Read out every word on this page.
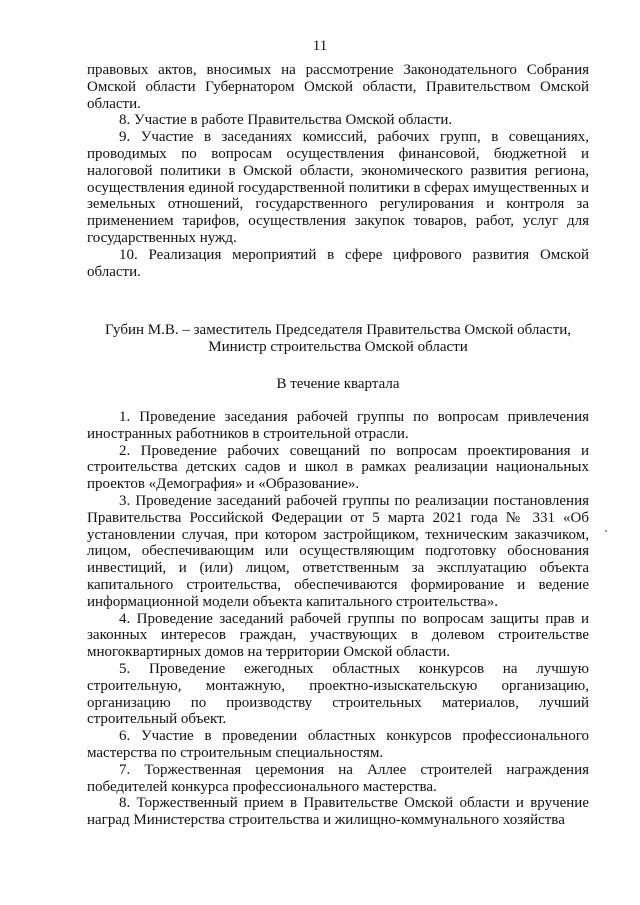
11

правовых актов, вносимых на рассмотрение Законодательного Собрания Омской области Губернатором Омской области, Правительством Омской области.

8. Участие в работе Правительства Омской области.

9. Участие в заседаниях комиссий, рабочих групп, в совещаниях, проводимых по вопросам осуществления финансовой, бюджетной и налоговой политики в Омской области, экономического развития региона, осуществления единой государственной политики в сферах имущественных и земельных отношений, государственного регулирования и контроля за применением тарифов, осуществления закупок товаров, работ, услуг для государственных нужд.

10. Реализация мероприятий в сфере цифрового развития Омской области.

Губин М.В. – заместитель Председателя Правительства Омской области,

Министр строительства Омской области

В течение квартала

1. Проведение заседания рабочей группы по вопросам привлечения иностранных работников в строительной отрасли.

2. Проведение рабочих совещаний по вопросам проектирования и строительства детских садов и школ в рамках реализации национальных проектов «Демография» и «Образование».

3. Проведение заседаний рабочей группы по реализации постановления Правительства Российской Федерации от 5 марта 2021 года № 331 «Об установлении случая, при котором застройщиком, техническим заказчиком, лицом, обеспечивающим или осуществляющим подготовку обоснования инвестиций, и (или) лицом, ответственным за эксплуатацию объекта капитального строительства, обеспечиваются формирование и ведение информационной модели объекта капитального строительства».

4. Проведение заседаний рабочей группы по вопросам защиты прав и законных интересов граждан, участвующих в долевом строительстве многоквартирных домов на территории Омской области.

5. Проведение ежегодных областных конкурсов на лучшую строительную, монтажную, проектно-изыскательскую организацию, организацию по производству строительных материалов, лучший строительный объект.

6. Участие в проведении областных конкурсов профессионального мастерства по строительным специальностям.

7. Торжественная церемония на Аллее строителей награждения победителей конкурса профессионального мастерства.

8. Торжественный прием в Правительстве Омской области и вручение наград Министерства строительства и жилищно-коммунального хозяйства
